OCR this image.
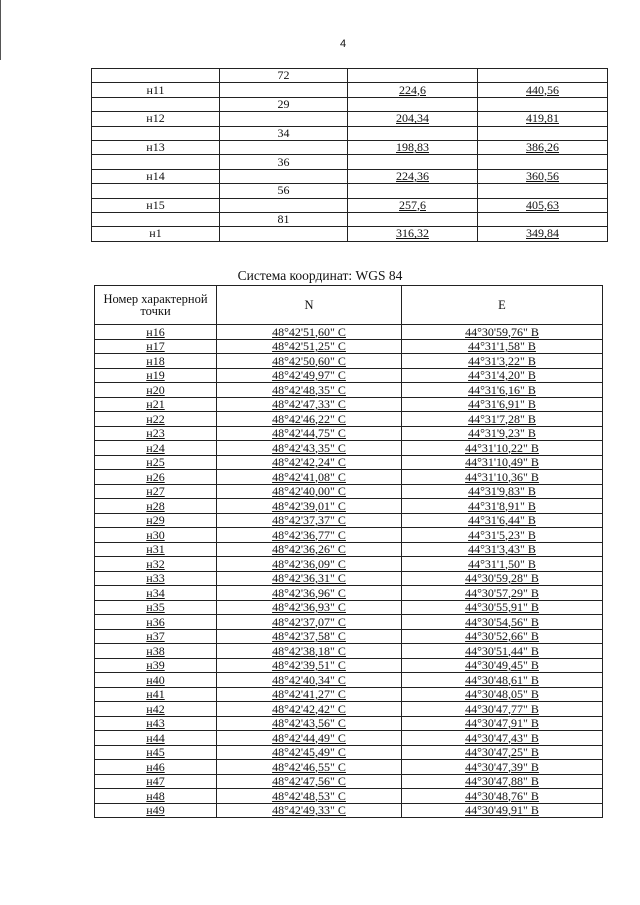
4
	72		
н11		224,6	440,56
	29		
н12		204,34	419,81
	34		
н13		198,83	386,26
	36		
н14		224,36	360,56
	56		
н15		257,6	405,63
	81		
н1		316,32	349,84
Система координат: WGS 84
Номер характерной точки	N	E
н16	48°42'51,60" С	44°30'59,76" В
н17	48°42'51,25" С	44°31'1,58" В
н18	48°42'50,60" С	44°31'3,22" В
н19	48°42'49,97" С	44°31'4,20" В
н20	48°42'48,35" С	44°31'6,16" В
н21	48°42'47,33" С	44°31'6,91" В
н22	48°42'46,22" С	44°31'7,28" В
н23	48°42'44,75" С	44°31'9,23" В
н24	48°42'43,35" С	44°31'10,22" В
н25	48°42'42,24" С	44°31'10,49" В
н26	48°42'41,08" С	44°31'10,36" В
н27	48°42'40,00" С	44°31'9,83" В
н28	48°42'39,01" С	44°31'8,91" В
н29	48°42'37,37" С	44°31'6,44" В
н30	48°42'36,77" С	44°31'5,23" В
н31	48°42'36,26" С	44°31'3,43" В
н32	48°42'36,09" С	44°31'1,50" В
н33	48°42'36,31" С	44°30'59,28" В
н34	48°42'36,96" С	44°30'57,29" В
н35	48°42'36,93" С	44°30'55,91" В
н36	48°42'37,07" С	44°30'54,56" В
н37	48°42'37,58" С	44°30'52,66" В
н38	48°42'38,18" С	44°30'51,44" В
н39	48°42'39,51" С	44°30'49,45" В
н40	48°42'40,34" С	44°30'48,61" В
н41	48°42'41,27" С	44°30'48,05" В
н42	48°42'42,42" С	44°30'47,77" В
н43	48°42'43,56" С	44°30'47,91" В
н44	48°42'44,49" С	44°30'47,43" В
н45	48°42'45,49" С	44°30'47,25" В
н46	48°42'46,55" С	44°30'47,39" В
н47	48°42'47,56" С	44°30'47,88" В
н48	48°42'48,53" С	44°30'48,76" В
н49	48°42'49,33" С	44°30'49,91" В
